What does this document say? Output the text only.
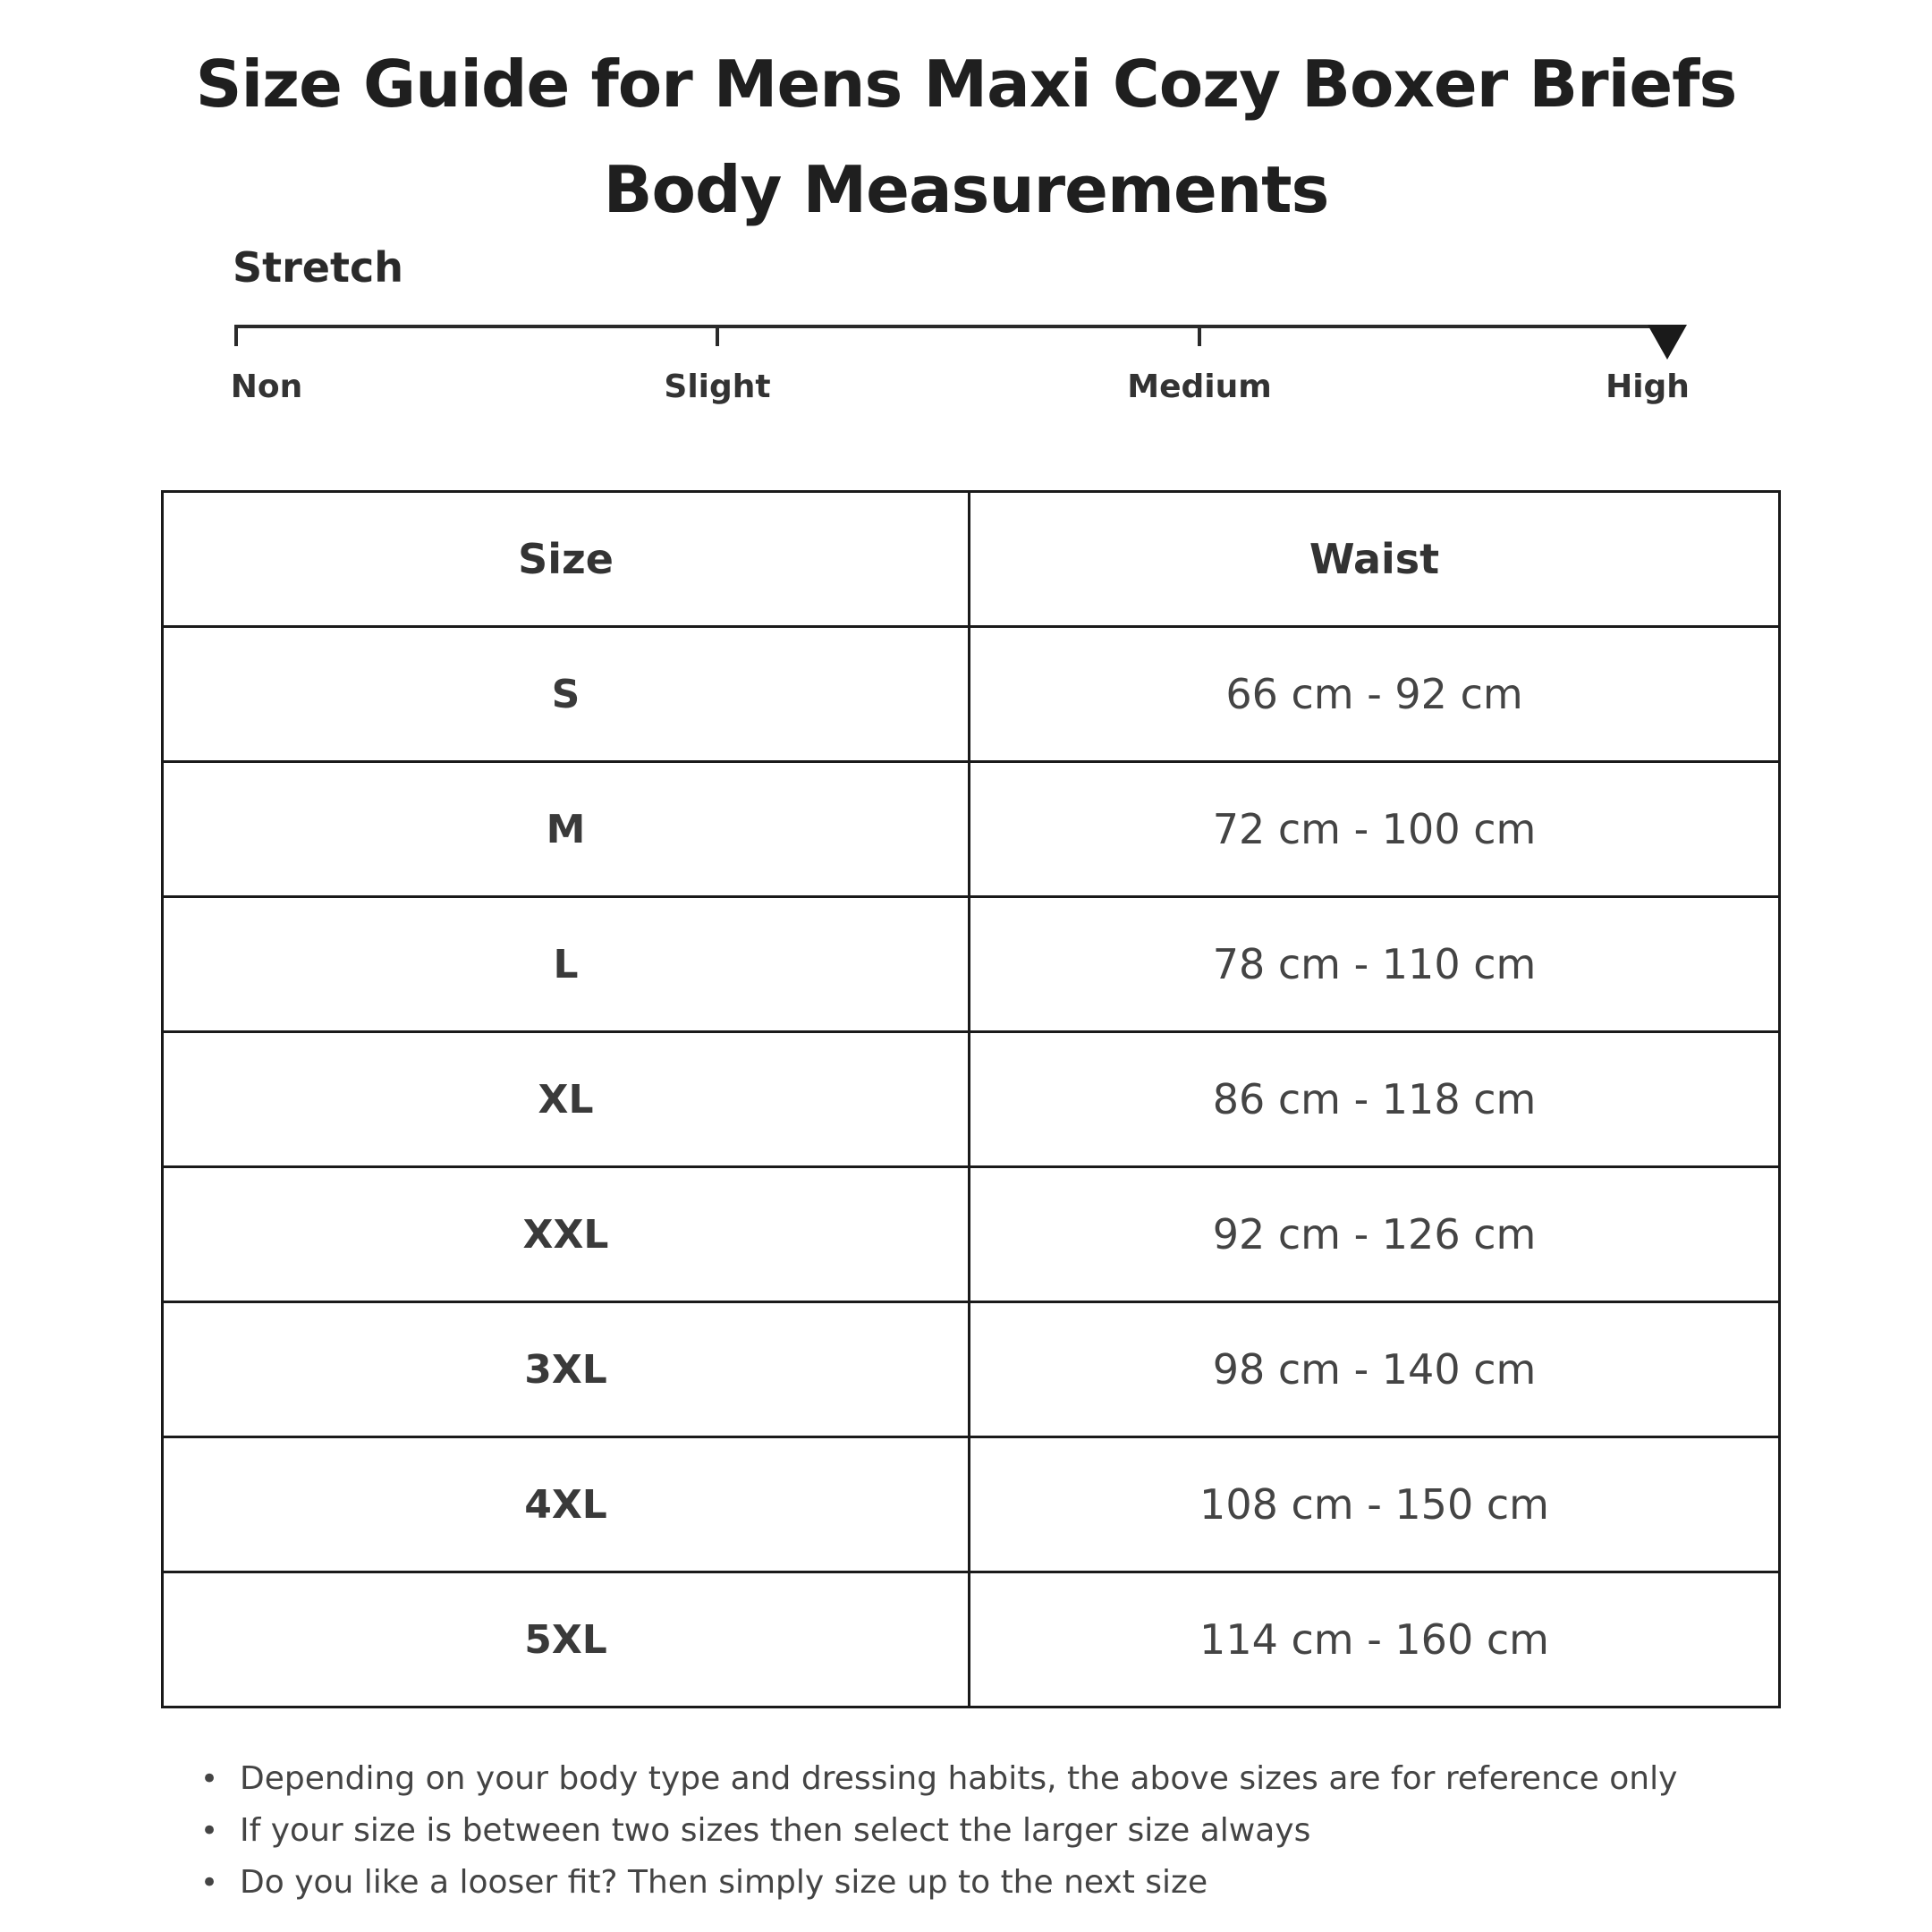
Size Guide for Mens Maxi Cozy Boxer Briefs
Body Measurements
Stretch
Non	Slight	Medium	High
Size	Waist
S	66 cm - 92 cm
M	72 cm - 100 cm
L	78 cm - 110 cm
XL	86 cm - 118 cm
XXL	92 cm - 126 cm
3XL	98 cm - 140 cm
4XL	108 cm - 150 cm
5XL	114 cm - 160 cm
• Depending on your body type and dressing habits, the above sizes are for reference only
• If your size is between two sizes then select the larger size always
• Do you like a looser fit? Then simply size up to the next size
